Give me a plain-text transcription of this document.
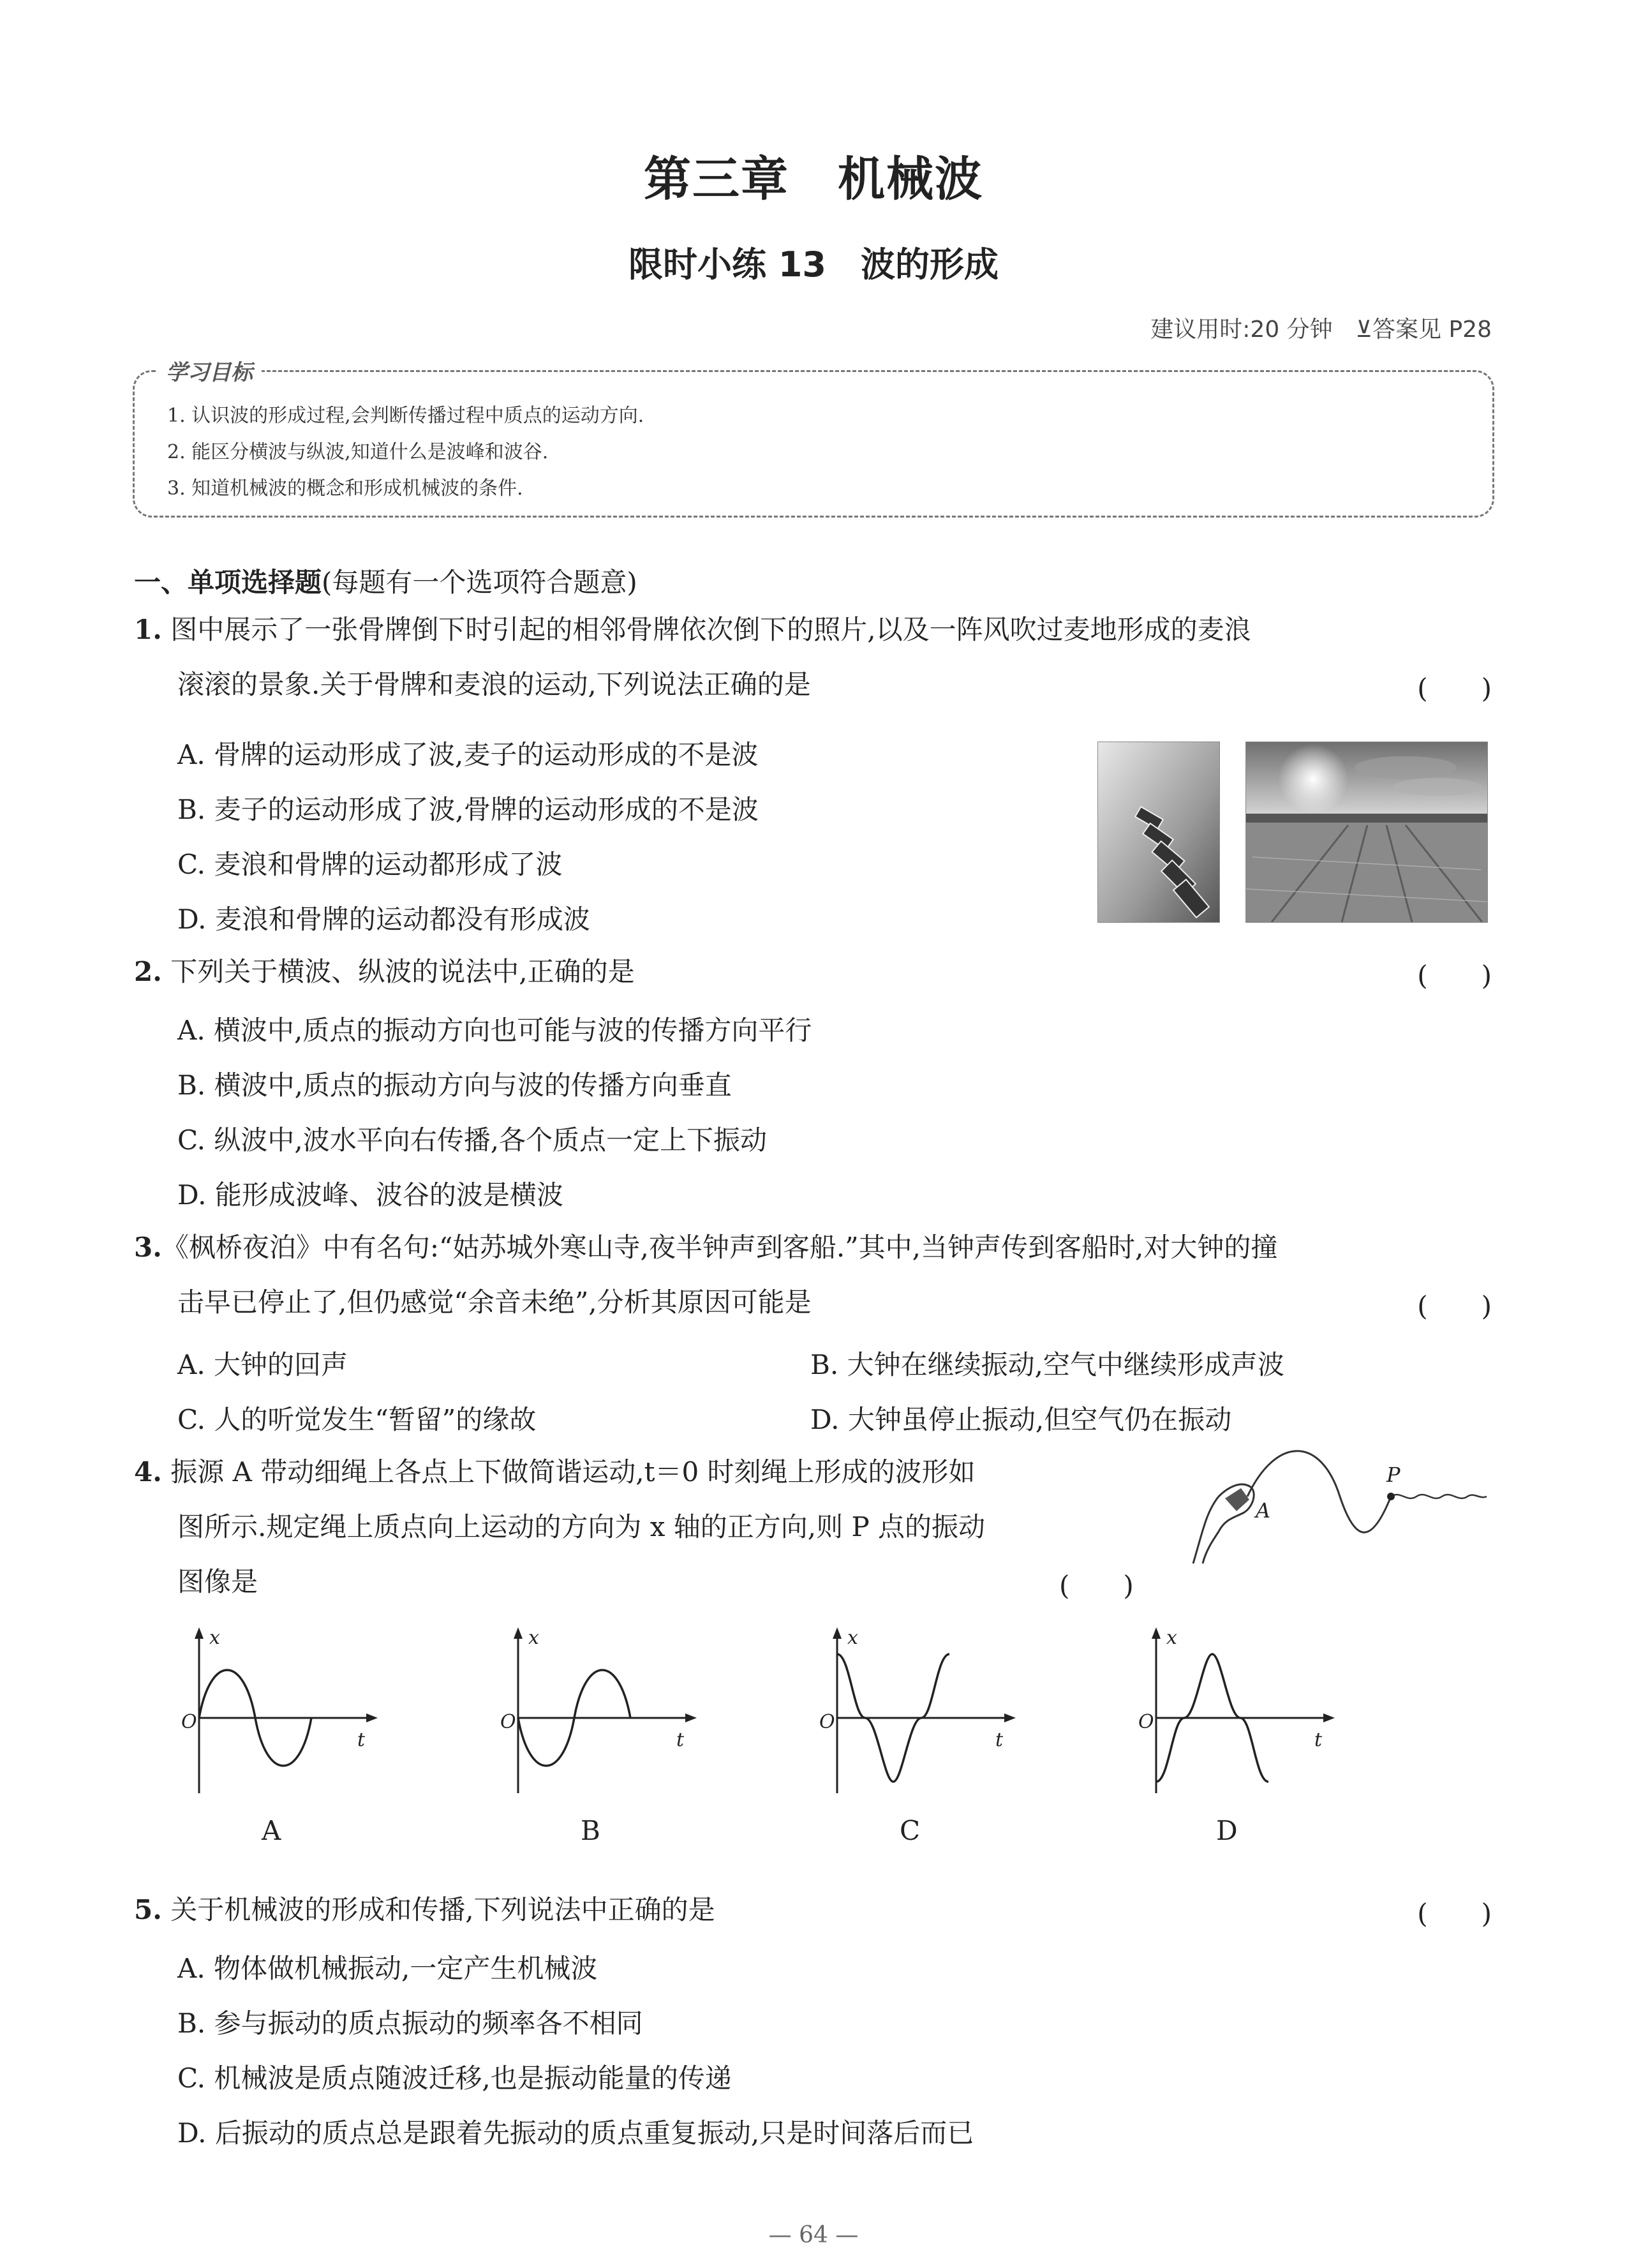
第三章　机械波
限时小练 13　波的形成
建议用时:20 分钟　⊻答案见 P28
学习目标
1. 认识波的形成过程,会判断传播过程中质点的运动方向.
2. 能区分横波与纵波,知道什么是波峰和波谷.
3. 知道机械波的概念和形成机械波的条件.
一、单项选择题(每题有一个选项符合题意)
1. 图中展示了一张骨牌倒下时引起的相邻骨牌依次倒下的照片,以及一阵风吹过麦地形成的麦浪
滚滚的景象.关于骨牌和麦浪的运动,下列说法正确的是	(　　)
A. 骨牌的运动形成了波,麦子的运动形成的不是波
B. 麦子的运动形成了波,骨牌的运动形成的不是波
C. 麦浪和骨牌的运动都形成了波
D. 麦浪和骨牌的运动都没有形成波
2. 下列关于横波、纵波的说法中,正确的是	(　　)
A. 横波中,质点的振动方向也可能与波的传播方向平行
B. 横波中,质点的振动方向与波的传播方向垂直
C. 纵波中,波水平向右传播,各个质点一定上下振动
D. 能形成波峰、波谷的波是横波
3.《枫桥夜泊》中有名句:“姑苏城外寒山寺,夜半钟声到客船.”其中,当钟声传到客船时,对大钟的撞
击早已停止了,但仍感觉“余音未绝”,分析其原因可能是	(　　)
A. 大钟的回声	B. 大钟在继续振动,空气中继续形成声波
C. 人的听觉发生“暂留”的缘故	D. 大钟虽停止振动,但空气仍在振动
4. 振源 A 带动细绳上各点上下做简谐运动,t＝0 时刻绳上形成的波形如
图所示.规定绳上质点向上运动的方向为 x 轴的正方向,则 P 点的振动
图像是	(　　)
A
P
x
O
t
A
x
O
t
B
x
O
t
C
x
O
t
D
5. 关于机械波的形成和传播,下列说法中正确的是	(　　)
A. 物体做机械振动,一定产生机械波
B. 参与振动的质点振动的频率各不相同
C. 机械波是质点随波迁移,也是振动能量的传递
D. 后振动的质点总是跟着先振动的质点重复振动,只是时间落后而已
— 64 —
